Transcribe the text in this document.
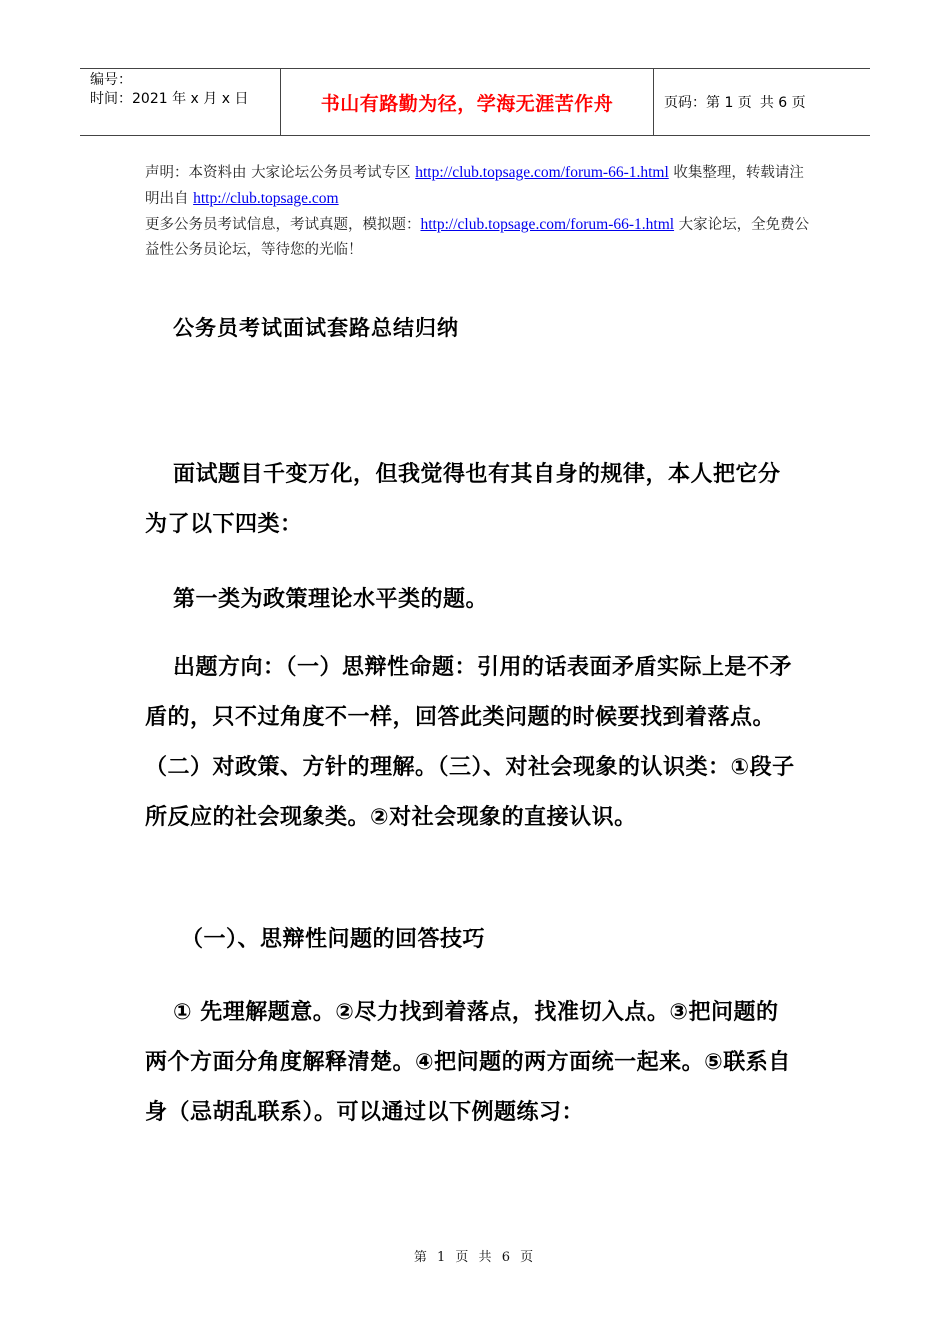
编号：
时间：2021 年 x 月 x 日	书山有路勤为径，学海无涯苦作舟	页码：第 1 页 共 6 页

声明：本资料由 大家论坛公务员考试专区 http://club.topsage.com/forum-66-1.html 收集整理，转载请注明出自 http://club.topsage.com

更多公务员考试信息，考试真题，模拟题：http://club.topsage.com/forum-66-1.html 大家论坛，全免费公益性公务员论坛，等待您的光临！

公务员考试面试套路总结归纳

面试题目千变万化，但我觉得也有其自身的规律，本人把它分为了以下四类：

第一类为政策理论水平类的题。

出题方向：（一）思辩性命题：引用的话表面矛盾实际上是不矛盾的，只不过角度不一样，回答此类问题的时候要找到着落点。（二）对政策、方针的理解。（三）、对社会现象的认识类：①段子所反应的社会现象类。②对社会现象的直接认识。

（一）、思辩性问题的回答技巧

① 先理解题意。②尽力找到着落点，找准切入点。③把问题的两个方面分角度解释清楚。④把问题的两方面统一起来。⑤联系自身（忌胡乱联系）。可以通过以下例题练习：

第 1 页 共 6 页
